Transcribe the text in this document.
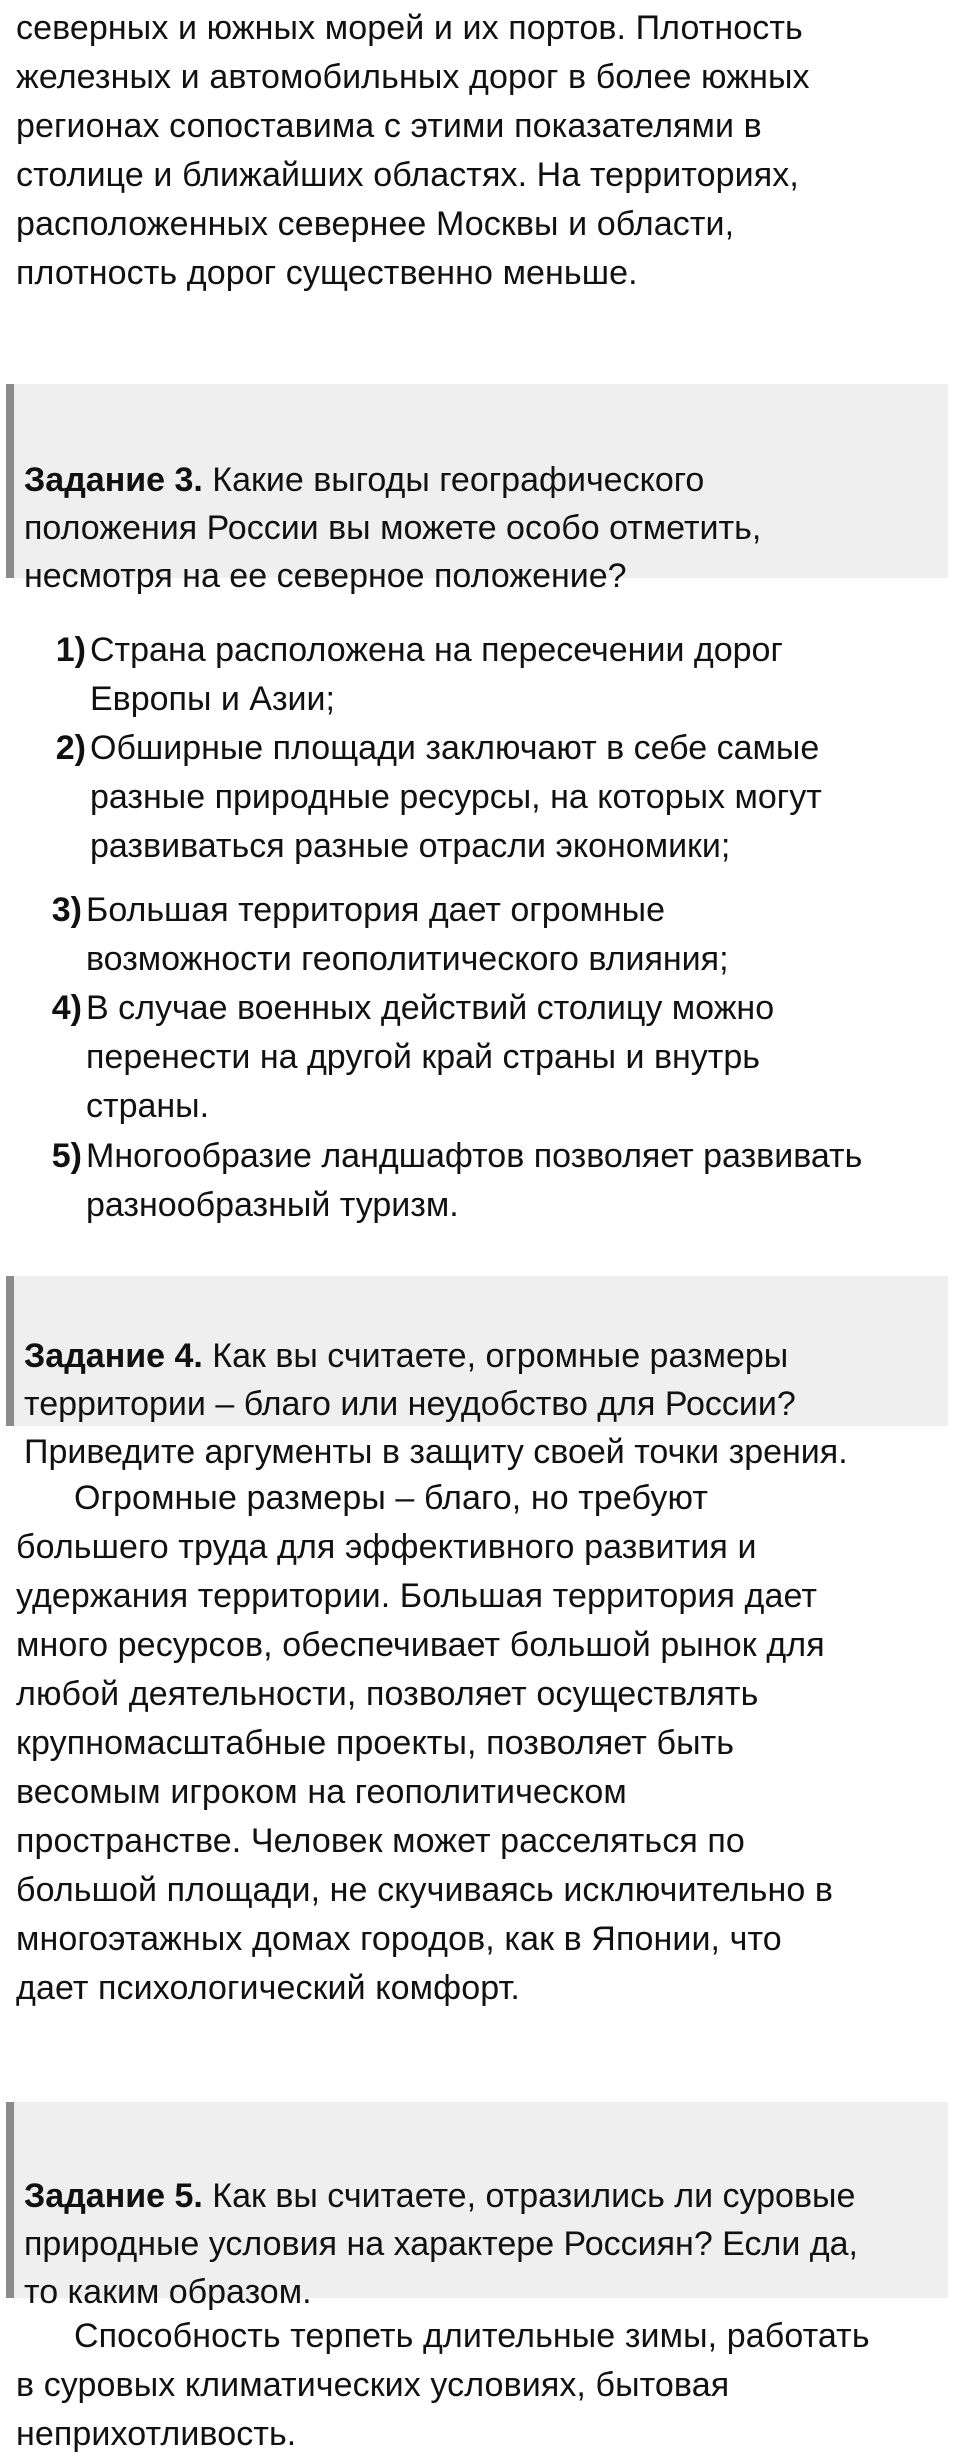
северных и южных морей и их портов. Плотность
железных и автомобильных дорог в более южных
регионах сопоставима с этими показателями в
столице и ближайших областях. На территориях,
расположенных севернее Москвы и области,
плотность дорог существенно меньше.

Задание 3. Какие выгоды географического
положения России вы можете особо отметить,
несмотря на ее северное положение?

1) Страна расположена на пересечении дорог
Европы и Азии;

2) Обширные площади заключают в себе самые
разные природные ресурсы, на которых могут
развиваться разные отрасли экономики;

3) Большая территория дает огромные
возможности геополитического влияния;

4) В случае военных действий столицу можно
перенести на другой край страны и внутрь
страны.

5) Многообразие ландшафтов позволяет развивать
разнообразный туризм.

Задание 4. Как вы считаете, огромные размеры
территории – благо или неудобство для России?
Приведите аргументы в защиту своей точки зрения.

Огромные размеры – благо, но требуют
большего труда для эффективного развития и
удержания территории. Большая территория дает
много ресурсов, обеспечивает большой рынок для
любой деятельности, позволяет осуществлять
крупномасштабные проекты, позволяет быть
весомым игроком на геополитическом
пространстве. Человек может расселяться по
большой площади, не скучиваясь исключительно в
многоэтажных домах городов, как в Японии, что
дает психологический комфорт.

Задание 5. Как вы считаете, отразились ли суровые
природные условия на характере Россиян? Если да,
то каким образом.

Способность терпеть длительные зимы, работать
в суровых климатических условиях, бытовая
неприхотливость.
